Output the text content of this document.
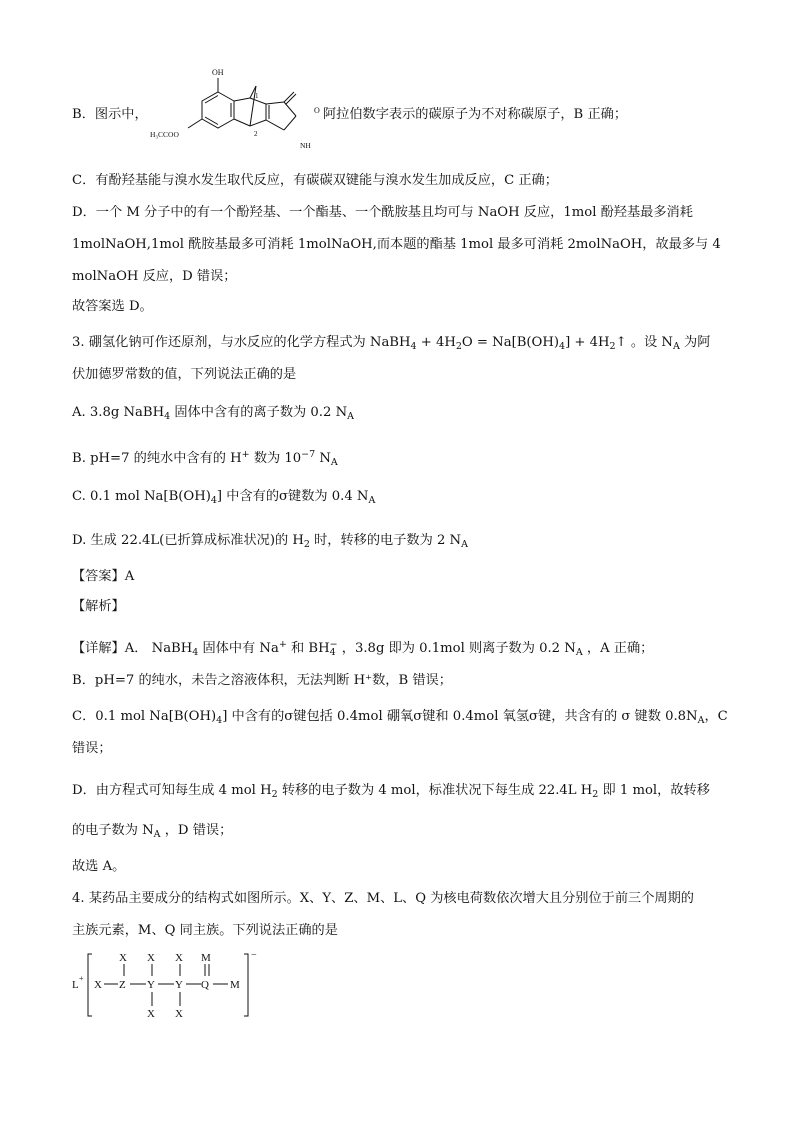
B．图示中，
OH
H₃CCOO
1
2
O
NH
阿拉伯数字表示的碳原子为不对称碳原子，B 正确；
C．有酚羟基能与溴水发生取代反应，有碳碳双键能与溴水发生加成反应，C 正确；
D．一个 M 分子中的有一个酚羟基、一个酯基、一个酰胺基且均可与 NaOH 反应，1mol 酚羟基最多消耗
1molNaOH,1mol 酰胺基最多可消耗 1molNaOH,而本题的酯基 1mol 最多可消耗 2molNaOH，故最多与 4
molNaOH 反应，D 错误；
故答案选 D。
3. 硼氢化钠可作还原剂，与水反应的化学方程式为 NaBH$_4$ + $4H_2O = Na[B(OH)_4]$ + $4H_2↑$ 。设 $N_A$ 为阿
伏加德罗常数的值，下列说法正确的是
A. 3.8g NaBH$_4$ 固体中含有的离子数为 0.2 $N_A$
B. pH=7 的纯水中含有的 H+ 数为 $10^{-7}$ $N_A$
C. 0.1 mol $Na[B(OH)_4]$ 中含有的σ键数为 0.4 $N_A$
D. 生成 22.4L(已折算成标准状况)的 $H_2$ 时，转移的电子数为 2 $N_A$
【答案】A
【解析】
【详解】A． NaBH$_4$ 固体中有 Na+ 和 $BH_4^-$ ，3.8g 即为 0.1mol 则离子数为 0.2 $N_A$ ，A 正确；
B．pH=7 的纯水，未告之溶液体积，无法判断 H⁺数，B 错误；
C．0.1 mol $Na[B(OH)_4]$ 中含有的σ键包括 0.4mol 硼氧σ键和 0.4mol 氧氢σ键，共含有的 σ 键数 $0.8N_A$，C
错误；
D．由方程式可知每生成 4 mol $H_2$ 转移的电子数为 4 mol，标准状况下每生成 22.4L $H_2$ 即 1 mol，故转移
的电子数为 $N_A$ ，D 错误；
故选 A。
4. 某药品主要成分的结构式如图所示。X、Y、Z、M、L、Q 为核电荷数依次增大且分别位于前三个周期的
主族元素，M、Q 同主族。下列说法正确的是
L
+
X Z
X
Y
X
X
Y
X
X
Q
M
M
−
